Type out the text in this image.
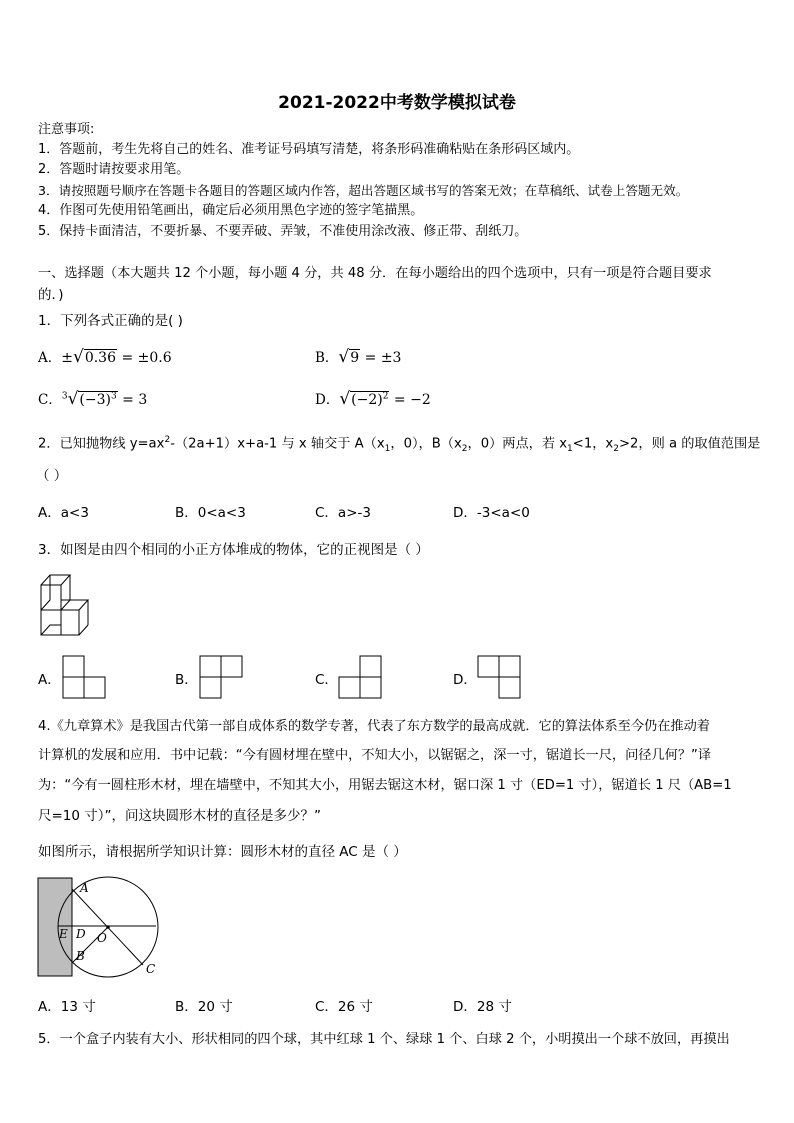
2021-2022中考数学模拟试卷
注意事项:
1．答题前，考生先将自己的姓名、准考证号码填写清楚，将条形码准确粘贴在条形码区域内。
2．答题时请按要求用笔。
3．请按照题号顺序在答题卡各题目的答题区域内作答，超出答题区域书写的答案无效；在草稿纸、试卷上答题无效。
4．作图可先使用铅笔画出，确定后必须用黑色字迹的签字笔描黑。
5．保持卡面清洁，不要折暴、不要弄破、弄皱，不准使用涂改液、修正带、刮纸刀。
一、选择题（本大题共 12 个小题，每小题 4 分，共 48 分．在每小题给出的四个选项中，只有一项是符合题目要求
的．)
1．下列各式正确的是( )
A．±√0.36 = ±0.6	B．√9 = ±3
C．$^3√(-3)^3 = 3$	D．$√(-2)^2 = -2$
2．已知抛物线 $y=ax^2-(2a+1)x+a-1$ 与 x 轴交于 $A(x_1$，0），$B(x_2$，0）两点，若 $x_1<1$，$x_2>2$，则 a 的取值范围是
（ ）
A．a<3	B．0<a<3	C．a>-3	D．-3<a<0
3．如图是由四个相同的小正方体堆成的物体，它的正视图是（ ）
A．	B．	C．	D．
4.《九章算术》是我国古代第一部自成体系的数学专著，代表了东方数学的最高成就．它的算法体系至今仍在推动着
计算机的发展和应用．书中记载：“今有圆材埋在壁中，不知大小，以锯锯之，深一寸，锯道长一尺，问径几何？”译
为：“今有一圆柱形木材，埋在墙壁中，不知其大小，用锯去锯这木材，锯口深 1 寸（ED=1 寸），锯道长 1 尺（AB=1
尺=10 寸）”，问这块圆形木材的直径是多少？”
如图所示，请根据所学知识计算：圆形木材的直径 AC 是（ ）
A
E D O
B
C
A．13 寸	B．20 寸	C．26 寸	D．28 寸
5．一个盒子内装有大小、形状相同的四个球，其中红球 1 个、绿球 1 个、白球 2 个，小明摸出一个球不放回，再摸出
